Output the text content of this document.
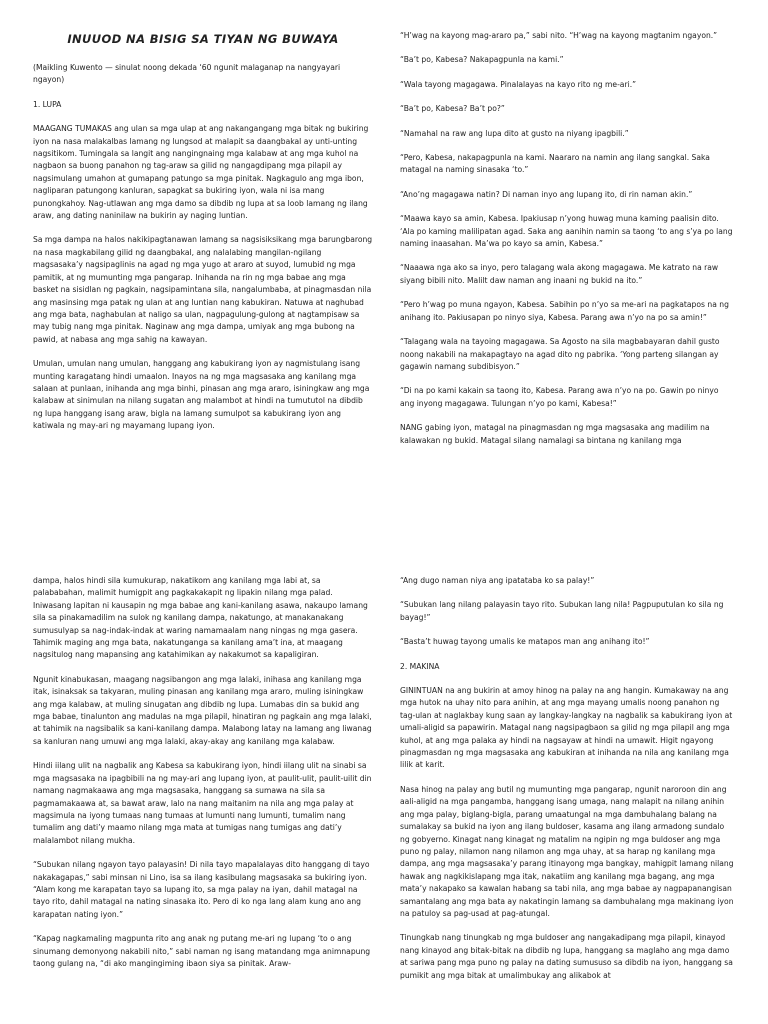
INUUOD NA BISIG SA TIYAN NG BUWAYA

(Maikling Kuwento — sinulat noong dekada ‘60 ngunit malaganap na nangyayari ngayon)

1. LUPA

MAAGANG TUMAKAS ang ulan sa mga ulap at ang nakangangang mga bitak ng bukiring iyon na nasa malakalbas lamang ng lungsod at malapit sa daangbakal ay unti-unting nagsitikom. Tumingala sa langit ang nangingnaing mga kalabaw at ang mga kuhol na nagbaon sa buong panahon ng tag-araw sa gilid ng nangagdipang mga pilapil ay nagsimulang umahon at gumapang patungo sa mga pinitak. Nagkagulo ang mga ibon, nagliparan patungong kanluran, sapagkat sa bukiring iyon, wala ni isa mang punongkahoy. Nag-utlawan ang mga damo sa dibdib ng lupa at sa loob lamang ng ilang araw, ang dating naninilaw na bukirin ay naging luntian.

Sa mga dampa na halos nakikipagtanawan lamang sa nagsisiksikang mga barungbarong na nasa magkabilang gilid ng daangbakal, ang nalalabing mangilan-ngilang magsasaka’y nagsipaglinis na agad ng mga yugo at araro at suyod, lumubid ng mga pamitik, at ng mumunting mga pangarap. Inihanda na rin ng mga babae ang mga basket na sisidlan ng pagkain, nagsipamintana sila, nangalumbaba, at pinagmasdan nila ang masinsing mga patak ng ulan at ang luntian nang kabukiran. Natuwa at naghubad ang mga bata, naghabulan at naligo sa ulan, nagpagulung-gulong at nagtampisaw sa may tubig nang mga pinitak. Naginaw ang mga dampa, umiyak ang mga bubong na pawid, at nabasa ang mga sahig na kawayan.

Umulan, umulan nang umulan, hanggang ang kabukirang iyon ay nagmistulang isang munting karagatang hindi umaalon. Inayos na ng mga magsasaka ang kanilang mga salaan at punlaan, inihanda ang mga binhi, pinasan ang mga araro, isiningkaw ang mga kalabaw at sinimulan na nilang sugatan ang malambot at hindi na tumututol na dibdib ng lupa hanggang isang araw, bigla na lamang sumulpot sa kabukirang iyon ang katiwala ng may-ari ng mayamang lupang iyon.

“H’wag na kayong mag-araro pa,” sabi nito. “H’wag na kayong magtanim ngayon.”

“Ba’t po, Kabesa? Nakapagpunla na kami.”

“Wala tayong magagawa. Pinalalayas na kayo rito ng me-ari.”

“Ba’t po, Kabesa? Ba’t po?”

“Namahal na raw ang lupa dito at gusto na niyang ipagbili.”

“Pero, Kabesa, nakapagpunla na kami. Naararo na namin ang ilang sangkal. Saka matagal na naming sinasaka ‘to.”

“Ano’ng magagawa natin? Di naman inyo ang lupang ito, di rin naman akin.”

“Maawa kayo sa amin, Kabesa. Ipakiusap n’yong huwag muna kaming paalisin dito. ‘Ala po kaming malilipatan agad. Saka ang aanihin namin sa taong ‘to ang s’ya po lang naming inaasahan. Ma’wa po kayo sa amin, Kabesa.”

“Naaawa nga ako sa inyo, pero talagang wala akong magagawa. Me katrato na raw siyang bibili nito. Malilt daw naman ang inaani ng bukid na ito.”

“Pero h’wag po muna ngayon, Kabesa. Sabihin po n’yo sa me-ari na pagkatapos na ng anihang ito. Pakiusapan po ninyo siya, Kabesa. Parang awa n’yo na po sa amin!”

“Talagang wala na tayoing magagawa. Sa Agosto na sila magbabayaran dahil gusto noong nakabili na makapagtayo na agad dito ng pabrika. ‘Yong parteng silangan ay gagawin namang subdibisyon.”

“Di na po kami kakain sa taong ito, Kabesa. Parang awa n’yo na po. Gawin po ninyo ang inyong magagawa. Tulungan n’yo po kami, Kabesa!”

NANG gabing iyon, matagal na pinagmasdan ng mga magsasaka ang madilim na kalawakan ng bukid. Matagal silang namalagi sa bintana ng kanilang mga

dampa, halos hindi sila kumukurap, nakatikom ang kanilang mga labi at, sa palababahan, malimit humigpit ang pagkakakapit ng lipakin nilang mga palad. Iniwasang lapitan ni kausapin ng mga babae ang kani-kanilang asawa, nakaupo lamang sila sa pinakamadilim na sulok ng kanilang dampa, nakatungo, at manakanakang sumusulyap sa nag-indak-indak at waring namamaalam nang ningas ng mga gasera. Tahimik maging ang mga bata, nakatunganga sa kanilang ama’t ina, at maagang nagsitulog nang mapansing ang katahimikan ay nakakumot sa kapaligiran.

Ngunit kinabukasan, maagang nagsibangon ang mga lalaki, inihasa ang kanilang mga itak, isinaksak sa takyaran, muling pinasan ang kanilang mga araro, muling isiningkaw ang mga kalabaw, at muling sinugatan ang dibdib ng lupa. Lumabas din sa bukid ang mga babae, tinalunton ang madulas na mga pilapil, hinatiran ng pagkain ang mga lalaki, at tahimik na nagsibalik sa kani-kanilang dampa. Malabong latay na lamang ang liwanag sa kanluran nang umuwi ang mga lalaki, akay-akay ang kanilang mga kalabaw.

Hindi iilang ulit na nagbalik ang Kabesa sa kabukirang iyon, hindi iilang ulit na sinabi sa mga magsasaka na ipagbibili na ng may-ari ang lupang iyon, at paulit-ulit, paulit-uilit din namang nagmakaawa ang mga magsasaka, hanggang sa sumawa na sila sa pagmamakaawa at, sa bawat araw, lalo na nang maitanim na nila ang mga palay at magsimula na iyong tumaas nang tumaas at lumunti nang lumunti, tumalim nang tumalim ang dati’y maamo nilang mga mata at tumigas nang tumigas ang dati’y malalambot nilang mukha.

“Subukan nilang ngayon tayo palayasin! Di nila tayo mapalalayas dito hanggang di tayo nakakagapas,” sabi minsan ni Lino, isa sa ilang kasibulang magsasaka sa bukiring iyon. “Alam kong me karapatan tayo sa lupang ito, sa mga palay na iyan, dahil matagal na tayo rito, dahil matagal na nating sinasaka ito. Pero di ko nga lang alam kung ano ang karapatan nating iyon.”

“Kapag nagkamaling magpunta rito ang anak ng putang me-ari ng lupang ‘to o ang sinumang demonyong nakabili nito,” sabi naman ng isang matandang mga animnapung taong gulang na, “di ako mangingiming ibaon siya sa pinitak. Araw-

“Ang dugo naman niya ang ipatataba ko sa palay!”

“Subukan lang nilang palayasin tayo rito. Subukan lang nila! Pagpuputulan ko sila ng bayag!”

“Basta’t huwag tayong umalis ke matapos man ang anihang ito!”

2. MAKINA

GININTUAN na ang bukirin at amoy hinog na palay na ang hangin. Kumakaway na ang mga hutok na uhay nito para anihin, at ang mga mayang umalis noong panahon ng tag-ulan at naglakbay kung saan ay langkay-langkay na nagbalik sa kabukirang iyon at umali-aligid sa papawirin. Matagal nang nagsipagbaon sa gilid ng mga pilapil ang mga kuhol, at ang mga palaka ay hindi na nagsayaw at hindi na umawit. Higit ngayong pinagmasdan ng mga magsasaka ang kabukiran at inihanda na nila ang kanilang mga lilik at karit.

Nasa hinog na palay ang butil ng mumunting mga pangarap, ngunit naroroon din ang aali-aligid na mga pangamba, hanggang isang umaga, nang malapit na nilang anihin ang mga palay, biglang-bigla, parang umaatungal na mga dambuhalang balang na sumalakay sa bukid na iyon ang ilang buldoser, kasama ang ilang armadong sundalo ng gobyerno. Kinagat nang kinagat ng matalim na ngipin ng mga buldoser ang mga puno ng palay, nilamon nang nilamon ang mga uhay, at sa harap ng kanilang mga dampa, ang mga magsasaka’y parang itinayong mga bangkay, mahigpit lamang nilang hawak ang nagkikislapang mga itak, nakatiim ang kanilang mga bagang, ang mga mata’y nakapako sa kawalan habang sa tabi nila, ang mga babae ay nagpapanangisan samantalang ang mga bata ay nakatingin lamang sa dambuhalang mga makinang iyon na patuloy sa pag-usad at pag-atungal.

Tinungkab nang tinungkab ng mga buldoser ang nangakadipang mga pilapil, kinayod nang kinayod ang bitak-bitak na dibdib ng lupa, hanggang sa maglaho ang mga damo at sariwa pang mga puno ng palay na dating sumususo sa dibdib na iyon, hanggang sa pumikit ang mga bitak at umalimbukay ang alikabok at
